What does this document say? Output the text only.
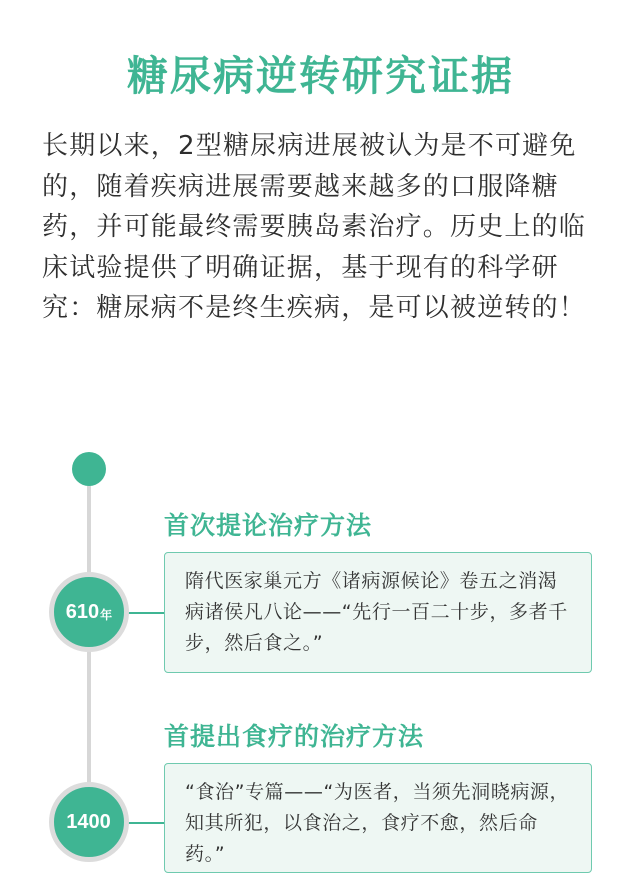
糖尿病逆转研究证据

长期以来，2型糖尿病进展被认为是不可避免的，随着疾病进展需要越来越多的口服降糖药，并可能最终需要胰岛素治疗。历史上的临床试验提供了明确证据，基于现有的科学研究：糖尿病不是终生疾病，是可以被逆转的！

首次提论治疗方法
610 年
隋代医家巢元方《诸病源候论》卷五之消渴病诸侯凡八论——“先行一百二十步，多者千步，然后食之。”
首提出食疗的治疗方法
1400
“食治”专篇——“为医者，当须先洞晓病源，知其所犯，以食治之，食疗不愈，然后命药。”
